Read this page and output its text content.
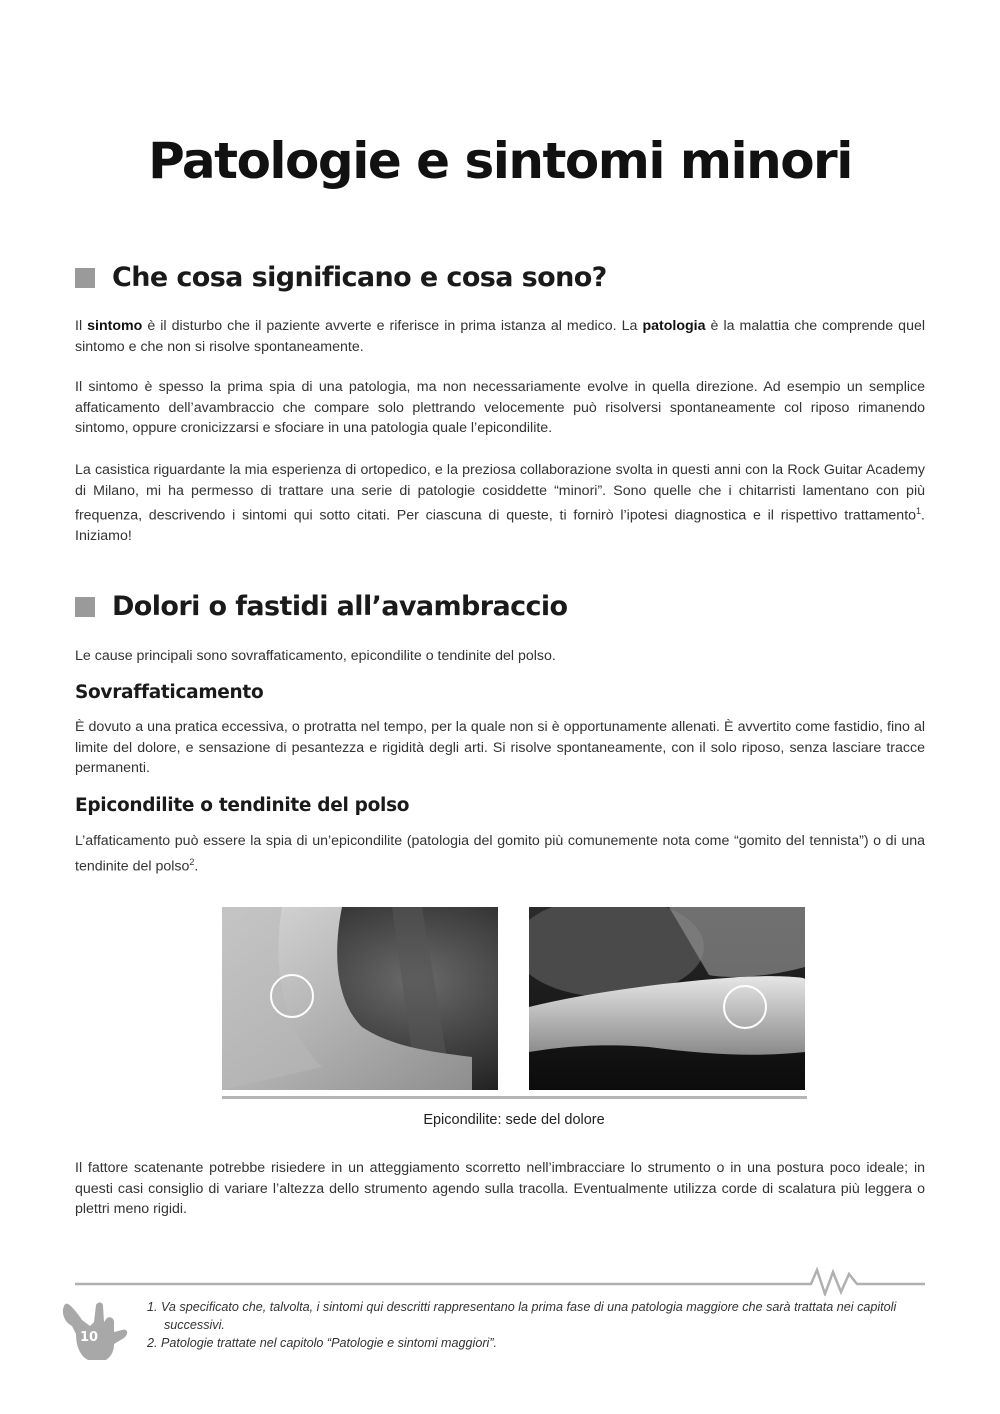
Patologie e sintomi minori
Che cosa significano e cosa sono?
Il sintomo è il disturbo che il paziente avverte e riferisce in prima istanza al medico. La patologia è la malattia che comprende quel sintomo e che non si risolve spontaneamente.
Il sintomo è spesso la prima spia di una patologia, ma non necessariamente evolve in quella direzione. Ad esempio un semplice affaticamento dell’avambraccio che compare solo plettrando velocemente può risolversi spontaneamente col riposo rimanendo sintomo, oppure cronicizzarsi e sfociare in una patologia quale l’epicondilite.
La casistica riguardante la mia esperienza di ortopedico, e la preziosa collaborazione svolta in questi anni con la Rock Guitar Academy di Milano, mi ha permesso di trattare una serie di patologie cosiddette “minori”. Sono quelle che i chitarristi lamentano con più frequenza, descrivendo i sintomi qui sotto citati. Per ciascuna di queste, ti fornirò l’ipotesi diagnostica e il rispettivo trattamento$^1$. Iniziamo!
Dolori o fastidi all’avambraccio
Le cause principali sono sovraffaticamento, epicondilite o tendinite del polso.
Sovraffaticamento
È dovuto a una pratica eccessiva, o protratta nel tempo, per la quale non si è opportunamente allenati. È avvertito come fastidio, fino al limite del dolore, e sensazione di pesantezza e rigidità degli arti. Si risolve spontaneamente, con il solo riposo, senza lasciare tracce permanenti.
Epicondilite o tendinite del polso
L’affaticamento può essere la spia di un’epicondilite (patologia del gomito più comunemente nota come “gomito del tennista”) o di una tendinite del polso$^2$.
Epicondilite: sede del dolore
Il fattore scatenante potrebbe risiedere in un atteggiamento scorretto nell’imbracciare lo strumento o in una postura poco ideale; in questi casi consiglio di variare l’altezza dello strumento agendo sulla tracolla. Eventualmente utilizza corde di scalatura più leggera o plettri meno rigidi.
10
1. Va specificato che, talvolta, i sintomi qui descritti rappresentano la prima fase di una patologia maggiore che sarà trattata nei capitoli successivi.
2. Patologie trattate nel capitolo “Patologie e sintomi maggiori”.
